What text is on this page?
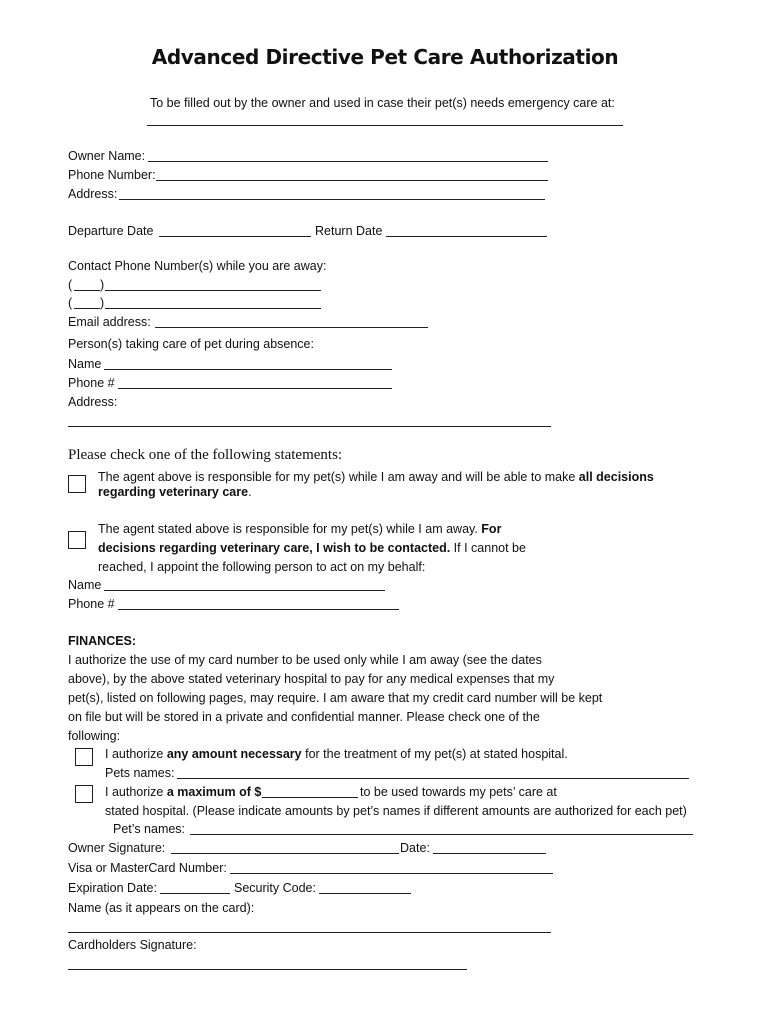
Advanced Directive Pet Care Authorization
To be filled out by the owner and used in case their pet(s) needs emergency care at:
Owner Name:
Phone Number:
Address:
Departure Date	Return Date
Contact Phone Number(s) while you are away:
( )
( )
Email address:
Person(s) taking care of pet during absence:
Name
Phone #
Address:
Please check one of the following statements:
The agent above is responsible for my pet(s) while I am away and will be able to make all decisions
regarding veterinary care.
The agent stated above is responsible for my pet(s) while I am away. For
decisions regarding veterinary care, I wish to be contacted. If I cannot be
reached, I appoint the following person to act on my behalf:
Name
Phone #
FINANCES:
I authorize the use of my card number to be used only while I am away (see the dates
above), by the above stated veterinary hospital to pay for any medical expenses that my
pet(s), listed on following pages, may require. I am aware that my credit card number will be kept
on file but will be stored in a private and confidential manner. Please check one of the
following:
I authorize any amount necessary for the treatment of my pet(s) at stated hospital.
Pets names:
I authorize a maximum of $	to be used towards my pets’ care at
stated hospital. (Please indicate amounts by pet’s names if different amounts are authorized for each pet)
Pet’s names:
Owner Signature:	Date:
Visa or MasterCard Number:
Expiration Date:	Security Code:
Name (as it appears on the card):
Cardholders Signature:
